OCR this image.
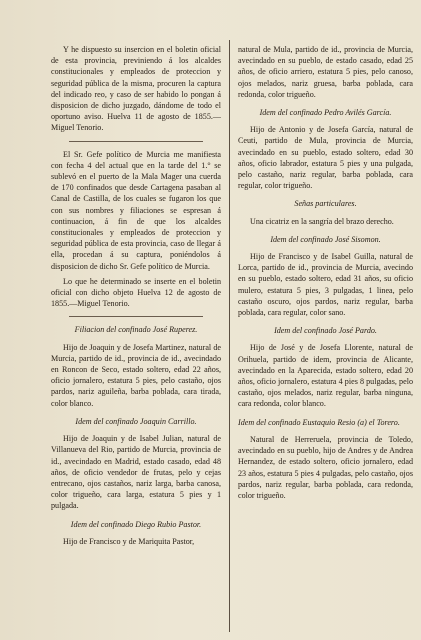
Y he dispuesto su insercion en el boletin oficial de esta provincia, previniendo á los alcaldes constitucionales y empleados de proteccion y seguridad pública de la misma, procuren la captura del indicado reo, y caso de ser habido lo pongan á disposicion de dicho juzgado, dándome de todo el oportuno aviso. Huelva 11 de agosto de 1855.—Miguel Tenorio.

El Sr. Gefe político de Murcia me manifiesta con fecha 4 del actual que en la tarde del 1.° se sublevó en el puerto de la Mala Mager una cuerda de 170 confinados que desde Cartagena pasaban al Canal de Castilla, de los cuales se fugaron los que con sus nombres y filiaciones se espresan á continuacion, á fin de que los alcaldes constitucionales y empleados de proteccion y seguridad pública de esta provincia, caso de llegar á ella, procedan á su captura, poniéndolos á disposicion de dicho Sr. Gefe político de Murcia.

Lo que he determinado se inserte en el boletin oficial con dicho objeto Huelva 12 de agosto de 1855.—Miguel Tenorio.

Filiacion del confinado José Ruperez.

Hijo de Joaquin y de Josefa Martinez, natural de Murcia, partido de id., provincia de id., avecindado en Roncon de Seco, estado soltero, edad 22 años, oficio jornalero, estatura 5 pies, pelo castaño, ojos pardos, nariz aguileña, barba poblada, cara tirada, color blanco.

Idem del confinado Joaquin Carrillo.

Hijo de Joaquin y de Isabel Julian, natural de Villanueva del Rio, partido de Murcia, provincia de id., avecindado en Madrid, estado casado, edad 48 años, de oficio vendedor de frutas, pelo y cejas entrecano, ojos castaños, nariz larga, barba canosa, color trigueño, cara larga, estatura 5 pies y 1 pulgada.

Idem del confinado Diego Rubio Pastor.

Hijo de Francisco y de Mariquita Pastor,

natural de Mula, partido de id., provincia de Murcia, avecindado en su pueblo, de estado casado, edad 25 años, de oficio arriero, estatura 5 pies, pelo canoso, ojos melados, nariz gruesa, barba poblada, cara redonda, color trigueño.

Idem del confinado Pedro Avilés García.

Hijo de Antonio y de Josefa García, natural de Ceuti, partido de Mula, provincia de Murcia, avecindado en su pueblo, estado soltero, edad 30 años, oficio labrador, estatura 5 pies y una pulgada, pelo castaño, nariz regular, barba poblada, cara regular, color trigueño.

Señas particulares.

Una cicatriz en la sangría del brazo derecho.

Idem del confinado José Sisomon.

Hijo de Francisco y de Isabel Guilla, natural de Lorca, partido de id., provincia de Murcia, avecindo en su pueblo, estado soltero, edad 31 años, su oficio mulero, estatura 5 pies, 3 pulgadas, 1 linea, pelo castaño oscuro, ojos pardos, nariz regular, barba poblada, cara regular, color sano.

Idem del confinado José Pardo.

Hijo de José y de Josefa Llorente, natural de Orihuela, partido de idem, provincia de Alicante, avecindado en la Aparecida, estado soltero, edad 20 años, oficio jornalero, estatura 4 pies 8 pulgadas, pelo castaño, ojos melados, nariz regular, barba ninguna, cara redonda, color blanco.

Idem del confinado Eustaquio Resio (a) el Torero.

Natural de Herreruela, provincia de Toledo, avecindado en su pueblo, hijo de Andres y de Andrea Hernandez, de estado soltero, oficio jornalero, edad 23 años, estatura 5 pies 4 pulgadas, pelo castaño, ojos pardos, nariz regular, barba poblada, cara redonda, color trigueño.
